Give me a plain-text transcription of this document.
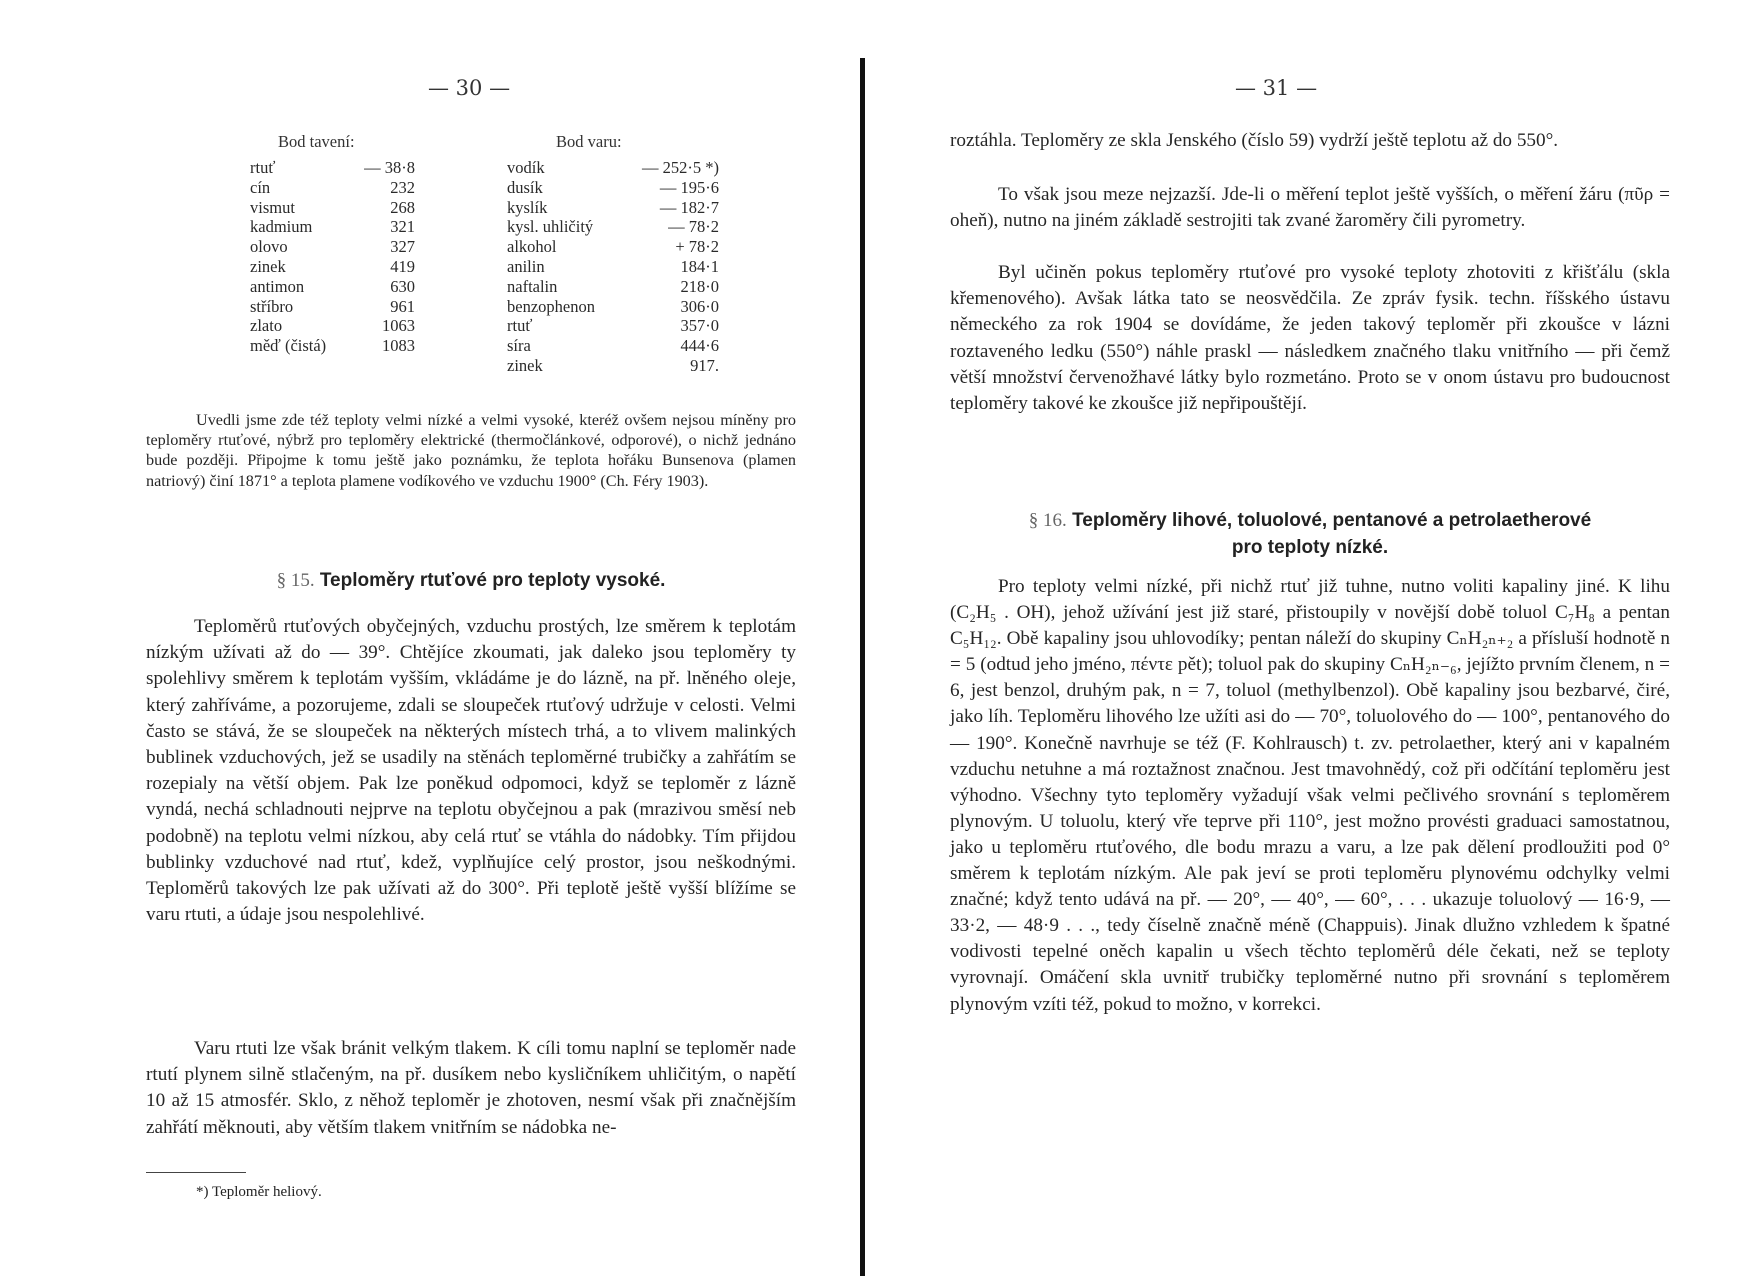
— 30 —
Bod tavení:	Bod varu:
rtuť	— 38·8
cín	232
vismut	268
kadmium	321
olovo	327
zinek	419
antimon	630
stříbro	961
zlato	1063
měď (čistá)	1083
vodík	— 252·5 *)
dusík	— 195·6
kyslík	— 182·7
kysl. uhličitý	— 78·2
alkohol	+ 78·2
anilin	184·1
naftalin	218·0
benzophenon	306·0
rtuť	357·0
síra	444·6
zinek	917.
Uvedli jsme zde též teploty velmi nízké a velmi vysoké, kteréž ovšem nejsou míněny pro teploměry rtuťové, nýbrž pro teploměry elektrické (thermočlánkové, odporové), o nichž jednáno bude později. Připojme k tomu ještě jako poznámku, že teplota hořáku Bunsenova (plamen natriový) činí 1871° a teplota plamene vodíkového ve vzduchu 1900° (Ch. Féry 1903).
§ 15. Teploměry rtuťové pro teploty vysoké.
Teploměrů rtuťových obyčejných, vzduchu prostých, lze směrem k teplotám nízkým užívati až do — 39°. Chtějíce zkoumati, jak daleko jsou teploměry ty spolehlivy směrem k teplotám vyšším, vkládáme je do lázně, na př. lněného oleje, který zahříváme, a pozorujeme, zdali se sloupeček rtuťový udržuje v celosti. Velmi často se stává, že se sloupeček na některých místech trhá, a to vlivem malinkých bublinek vzduchových, jež se usadily na stěnách teploměrné trubičky a zahřátím se rozepialy na větší objem. Pak lze poněkud odpomoci, když se teploměr z lázně vyndá, nechá schladnouti nejprve na teplotu obyčejnou a pak (mrazivou směsí neb podobně) na teplotu velmi nízkou, aby celá rtuť se vtáhla do nádobky. Tím přijdou bublinky vzduchové nad rtuť, kdež, vyplňujíce celý prostor, jsou neškodnými. Teploměrů takových lze pak užívati až do 300°. Při teplotě ještě vyšší blížíme se varu rtuti, a údaje jsou nespolehlivé.
Varu rtuti lze však bránit velkým tlakem. K cíli tomu naplní se teploměr nade rtutí plynem silně stlačeným, na př. dusíkem nebo kysličníkem uhličitým, o napětí 10 až 15 atmosfér. Sklo, z něhož teploměr je zhotoven, nesmí však při značnějším zahřátí měknouti, aby větším tlakem vnitřním se nádobka ne-
*) Teploměr heliový.
— 31 —
roztáhla. Teploměry ze skla Jenského (číslo 59) vydrží ještě teplotu až do 550°.
To však jsou meze nejzazší. Jde-li o měření teplot ještě vyšších, o měření žáru (πῦρ = oheň), nutno na jiném základě sestrojiti tak zvané žaroměry čili pyrometry.
Byl učiněn pokus teploměry rtuťové pro vysoké teploty zhotoviti z křišťálu (skla křemenového). Avšak látka tato se neosvědčila. Ze zpráv fysik. techn. říšského ústavu německého za rok 1904 se dovídáme, že jeden takový teploměr při zkoušce v lázni roztaveného ledku (550°) náhle praskl — následkem značného tlaku vnitřního — při čemž větší množství červenožhavé látky bylo rozmetáno. Proto se v onom ústavu pro budoucnost teploměry takové ke zkoušce již nepřipouštějí.
§ 16. Teploměry lihové, toluolové, pentanové a petrolaetherové
pro teploty nízké.
Pro teploty velmi nízké, při nichž rtuť již tuhne, nutno voliti kapaliny jiné. K lihu (C₂H₅ . OH), jehož užívání jest již staré, přistoupily v novější době toluol C₇H₈ a pentan C₅H₁₂. Obě kapaliny jsou uhlovodíky; pentan náleží do skupiny CₙH₂ₙ₊₂ a přísluší hodnotě n = 5 (odtud jeho jméno, πέντε pět); toluol pak do skupiny CₙH₂ₙ₋₆, jejížto prvním členem, n = 6, jest benzol, druhým pak, n = 7, toluol (methylbenzol). Obě kapaliny jsou bezbarvé, čiré, jako líh. Teploměru lihového lze užíti asi do — 70°, toluolového do — 100°, pentanového do — 190°. Konečně navrhuje se též (F. Kohlrausch) t. zv. petrolaether, který ani v kapalném vzduchu netuhne a má roztažnost značnou. Jest tmavohnědý, což při odčítání teploměru jest výhodno. Všechny tyto teploměry vyžadují však velmi pečlivého srovnání s teploměrem plynovým. U toluolu, který vře teprve při 110°, jest možno provésti graduaci samostatnou, jako u teploměru rtuťového, dle bodu mrazu a varu, a lze pak dělení prodloužiti pod 0° směrem k teplotám nízkým. Ale pak jeví se proti teploměru plynovému odchylky velmi značné; když tento udává na př. — 20°, — 40°, — 60°, . . . ukazuje toluolový — 16·9, — 33·2, — 48·9 . . ., tedy číselně značně méně (Chappuis). Jinak dlužno vzhledem k špatné vodivosti tepelné oněch kapalin u všech těchto teploměrů déle čekati, než se teploty vyrovnají. Omáčení skla uvnitř trubičky teploměrné nutno při srovnání s teploměrem plynovým vzíti též, pokud to možno, v korrekci.
